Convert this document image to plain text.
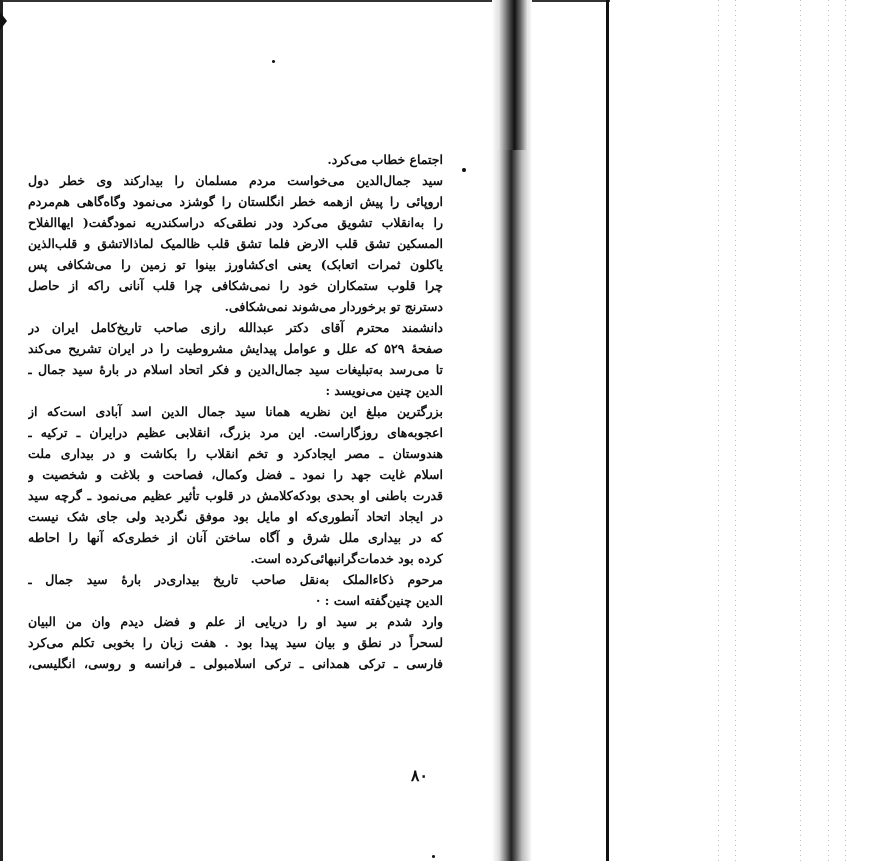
اجتماع خطاب می‌کرد.
سید جمال‌الدین می‌خواست مردم مسلمان را بیدارکند وی خطر دول
اروپائی را پیش ازهمه خطر انگلستان را گوشزد می‌نمود وگاه‌گاهی هم‌مردم
را به‌انقلاب تشویق می‌کرد ودر نطقی‌که دراسکندریه نمودگفت( ایهاالفلاح
المسکین تشق قلب الارض فلما تشق قلب ظالمیک لماذالاتشق و قلب‌الذین
یاکلون ثمرات اتعابک) یعنی ای‌کشاورز بینوا تو زمین را می‌شکافی پس
چرا قلوب ستمکاران خود را نمی‌شکافی چرا قلب آنانی راکه از حاصل
دسترنج تو برخوردار می‌شوند نمی‌شکافی.
دانشمند محترم آقای دکتر عبدالله رازی صاحب تاریخ‌کامل ایران در
صفحهٔ ۵۲۹ که علل و عوامل پیدایش مشروطیت را در ایران تشریح می‌کند
تا می‌رسد به‌تبلیغات سید جمال‌الدین و فکر اتحاد اسلام در بارهٔ سید جمال ـ
الدین چنین می‌نویسد :
بزرگترین مبلغ این نظریه همانا سید جمال الدین اسد آبادی است‌که از
اعجوبه‌های روزگاراست. این مرد بزرگ، انقلابی عظیم درایران ـ ترکیه ـ
هندوستان ـ مصر ایجادکرد و تخم انقلاب را بکاشت و در بیداری ملت
اسلام غایت جهد را نمود ـ فضل وکمال، فصاحت و بلاغت و شخصیت و
قدرت باطنی او بحدی بودکه‌کلامش در قلوب تأثیر عظیم می‌نمود ـ گرچه سید
در ایجاد اتحاد آنطوری‌که او مایل بود موفق نگردید ولی جای شک نیست
که در بیداری ملل شرق و آگاه ساختن آنان از خطری‌که آنها را احاطه
کرده بود خدمات‌گرانبهائی‌کرده است.
مرحوم ذکاءالملک به‌نقل صاحب تاریخ بیداری‌در بارهٔ سید جمال ـ
الدین چنین‌گفته است : ·
وارد شدم بر سید او را دریایی از علم و فضل دیدم وان من البیان
لسحراً در نطق و بیان سید پیدا بود . هفت زبان را بخوبی تکلم می‌کرد
فارسی ـ ترکی همدانی ـ ترکی اسلامبولی ـ فرانسه و روسی، انگلیسی،
۸۰
